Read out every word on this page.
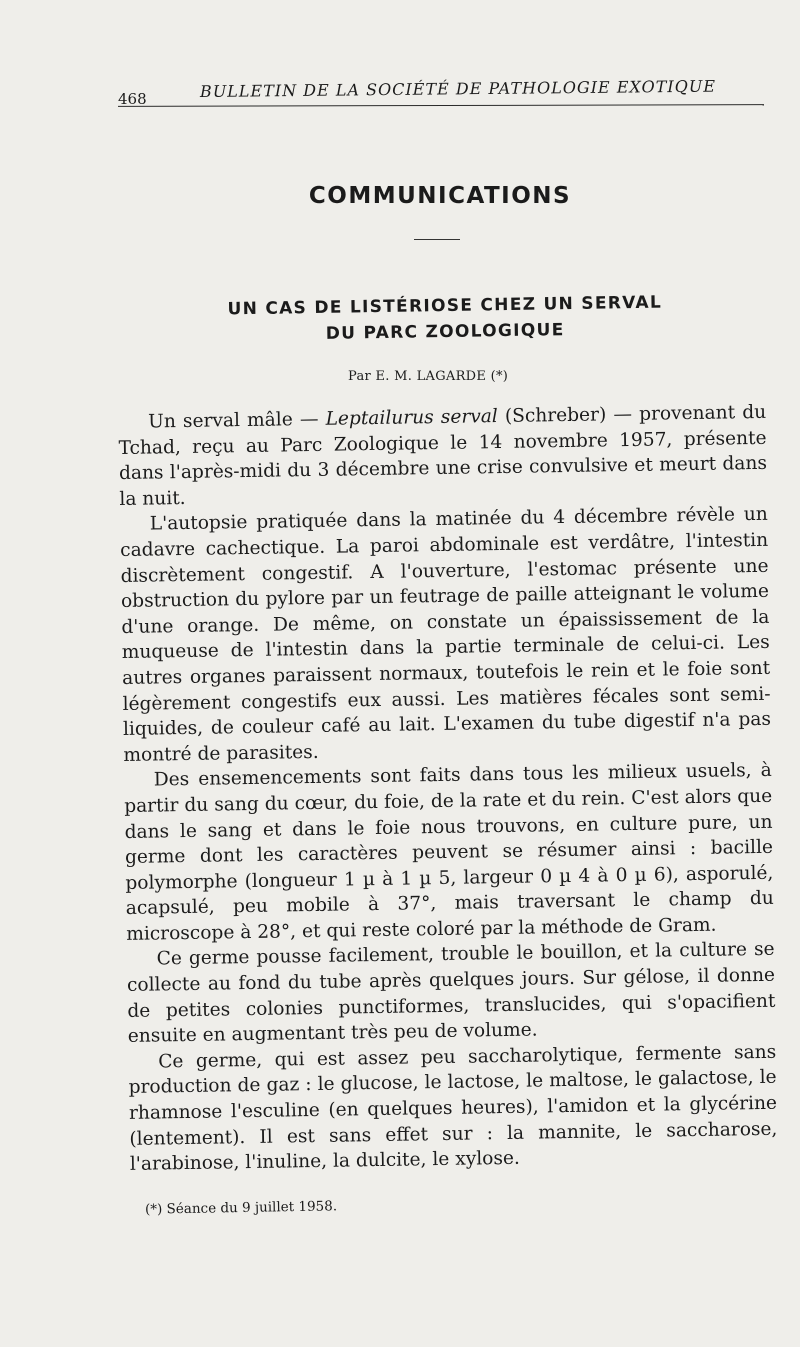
468	BULLETIN DE LA SOCIÉTÉ DE PATHOLOGIE EXOTIQUE
COMMUNICATIONS
UN CAS DE LISTÉRIOSE CHEZ UN SERVAL
DU PARC ZOOLOGIQUE
Par E. M. LAGARDE (*)

Un serval mâle — Leptailurus serval (Schreber) — provenant du Tchad, reçu au Parc Zoologique le 14 novembre 1957, présente dans l'après-midi du 3 décembre une crise convulsive et meurt dans la nuit.

L'autopsie pratiquée dans la matinée du 4 décembre révèle un cadavre cachectique. La paroi abdominale est verdâtre, l'intestin discrètement congestif. A l'ouverture, l'estomac présente une obstruction du pylore par un feutrage de paille atteignant le volume d'une orange. De même, on constate un épaississement de la muqueuse de l'intestin dans la partie terminale de celui-ci. Les autres organes paraissent normaux, toutefois le rein et le foie sont légèrement congestifs eux aussi. Les matières fécales sont semi-liquides, de couleur café au lait. L'examen du tube digestif n'a pas montré de parasites.

Des ensemencements sont faits dans tous les milieux usuels, à partir du sang du cœur, du foie, de la rate et du rein. C'est alors que dans le sang et dans le foie nous trouvons, en culture pure, un germe dont les caractères peuvent se résumer ainsi : bacille polymorphe (longueur 1 µ à 1 µ 5, largeur 0 µ 4 à 0 µ 6), asporulé, acapsulé, peu mobile à 37°, mais traversant le champ du microscope à 28°, et qui reste coloré par la méthode de Gram.

Ce germe pousse facilement, trouble le bouillon, et la culture se collecte au fond du tube après quelques jours. Sur gélose, il donne de petites colonies punctiformes, translucides, qui s'opacifient ensuite en augmentant très peu de volume.

Ce germe, qui est assez peu saccharolytique, fermente sans production de gaz : le glucose, le lactose, le maltose, le galactose, le rhamnose l'esculine (en quelques heures), l'amidon et la glycérine (lentement). Il est sans effet sur : la mannite, le saccharose, l'arabinose, l'inuline, la dulcite, le xylose.

(*) Séance du 9 juillet 1958.
